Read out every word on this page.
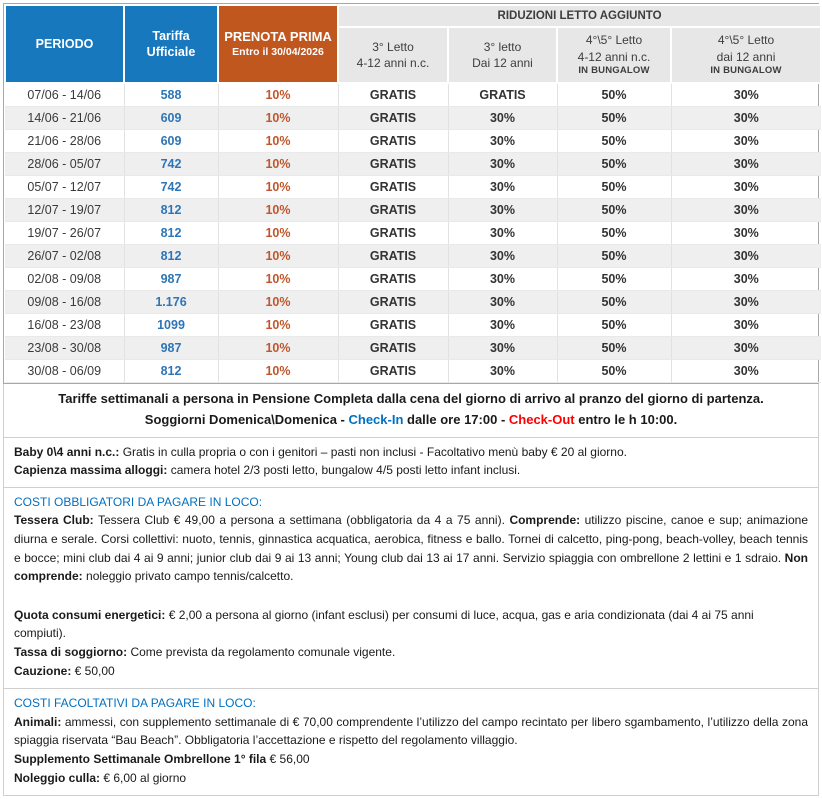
PERIODO

Tariffa
Ufficiale

PRENOTA PRIMA
Entro il 30/04/2026
	RIDUZIONI LETTO AGGIUNTO

3° Letto
4-12 anni n.c.

3° letto
Dai 12 anni

4°\5° Letto
4-12 anni n.c.
IN BUNGALOW

4°\5° Letto
dai 12 anni
IN BUNGALOW

07/06 - 14/06	588	10%	GRATIS	GRATIS	50%	30%
14/06 - 21/06	609	10%	GRATIS	30%	50%	30%
21/06 - 28/06	609	10%	GRATIS	30%	50%	30%
28/06 - 05/07	742	10%	GRATIS	30%	50%	30%
05/07 - 12/07	742	10%	GRATIS	30%	50%	30%
12/07 - 19/07	812	10%	GRATIS	30%	50%	30%
19/07 - 26/07	812	10%	GRATIS	30%	50%	30%
26/07 - 02/08	812	10%	GRATIS	30%	50%	30%
02/08 - 09/08	987	10%	GRATIS	30%	50%	30%
09/08 - 16/08	1.176	10%	GRATIS	30%	50%	30%
16/08 - 23/08	1099	10%	GRATIS	30%	50%	30%
23/08 - 30/08	987	10%	GRATIS	30%	50%	30%
30/08 - 06/09	812	10%	GRATIS	30%	50%	30%
Tariffe settimanali a persona in Pensione Completa dalla cena del giorno di arrivo al pranzo del giorno di partenza.
Soggiorni Domenica\Domenica - Check-In dalle ore 17:00 - Check-Out entro le h 10:00.
Baby 0\4 anni n.c.: Gratis in culla propria o con i genitori – pasti non inclusi - Facoltativo menù baby € 20 al giorno.
Capienza massima alloggi: camera hotel 2/3 posti letto, bungalow 4/5 posti letto infant inclusi.
COSTI OBBLIGATORI DA PAGARE IN LOCO:
Tessera Club: Tessera Club € 49,00 a persona a settimana (obbligatoria da 4 a 75 anni). Comprende: utilizzo piscine, canoe e sup; animazione diurna e serale. Corsi collettivi: nuoto, tennis, ginnastica acquatica, aerobica, fitness e ballo. Tornei di calcetto, ping-pong, beach-volley, beach tennis e bocce; mini club dai 4 ai 9 anni; junior club dai 9 ai 13 anni; Young club dai 13 ai 17 anni. Servizio spiaggia con ombrellone 2 lettini e 1 sdraio. Non comprende: noleggio privato campo tennis/calcetto.
Quota consumi energetici: € 2,00 a persona al giorno (infant esclusi) per consumi di luce, acqua, gas e aria condizionata (dai 4 ai 75 anni compiuti).
Tassa di soggiorno: Come prevista da regolamento comunale vigente.
Cauzione: € 50,00
COSTI FACOLTATIVI DA PAGARE IN LOCO:
Animali: ammessi, con supplemento settimanale di € 70,00 comprendente l’utilizzo del campo recintato per libero sgambamento, l’utilizzo della zona spiaggia riservata “Bau Beach”. Obbligatoria l’accettazione e rispetto del regolamento villaggio.
Supplemento Settimanale Ombrellone 1° fila € 56,00
Noleggio culla: € 6,00 al giorno
